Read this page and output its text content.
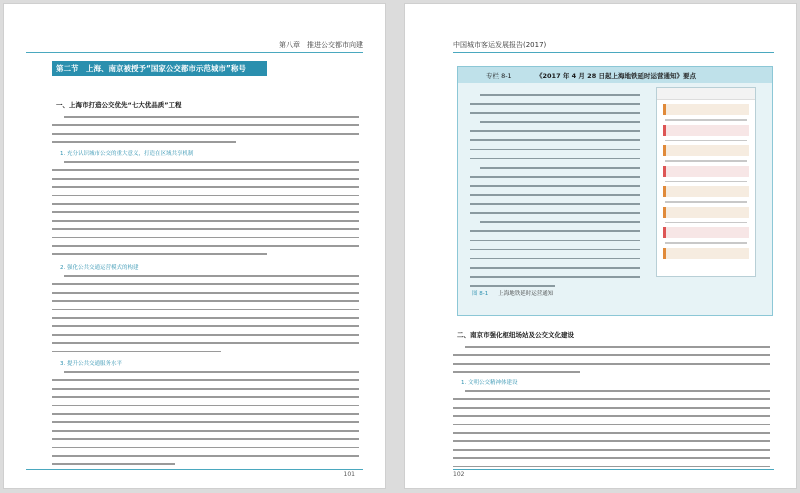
第八章　推进公交都市向建
第二节　上海、南京被授予“国家公交都市示范城市”称号
一、上海市打造公交优先“七大优品质”工程
1. 充分认识城市公交的重大意义，打造在区域共享机制
2. 强化公共交通运营模式的构建
3. 提升公共交通服务水平
101
中国城市客运发展报告(2017)
专栏 8-1	《2017 年 4 月 28 日起上海地铁延时运营通知》要点
图 8-1 上海地铁延时运营通知
二、南京市强化枢纽场站及公交文化建设
1. 文明公交精神体建设
102
